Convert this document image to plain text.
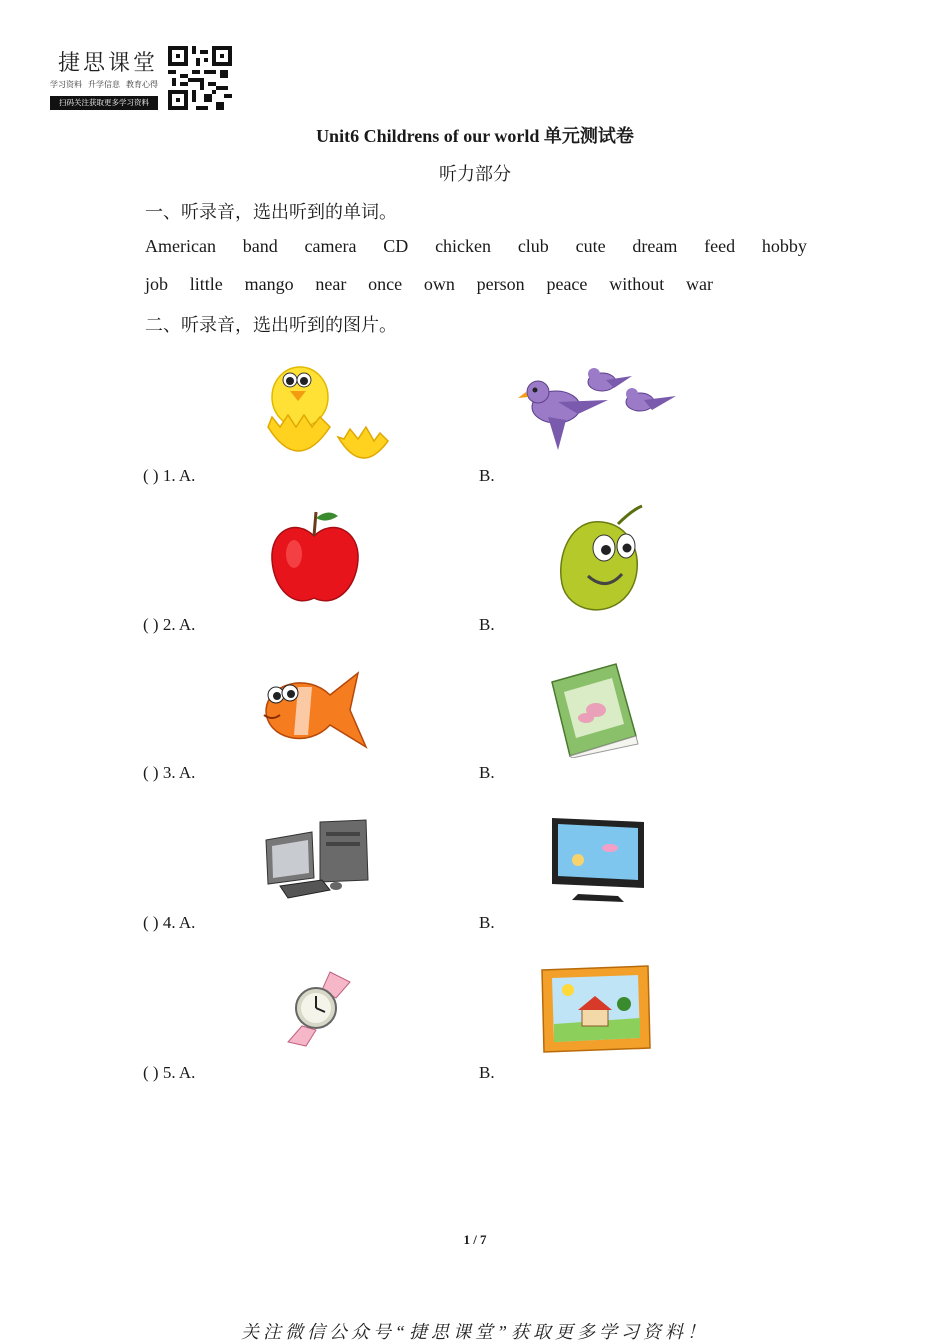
捷思课堂
学习资料 升学信息 教育心得
扫码关注获取更多学习资料
Unit6 Childrens of our world 单元测试卷
听力部分
一、听录音，选出听到的单词。
American band camera CD chicken club cute dream feed hobby
job little mango near once own person peace without war
二、听录音，选出听到的图片。
( ) 1. A.	B.
( ) 2. A.	B.
( ) 3. A.	B.
( ) 4. A.	B.
( ) 5. A.	B.
1 / 7
关注微信公众号“捷思课堂”获取更多学习资料！
